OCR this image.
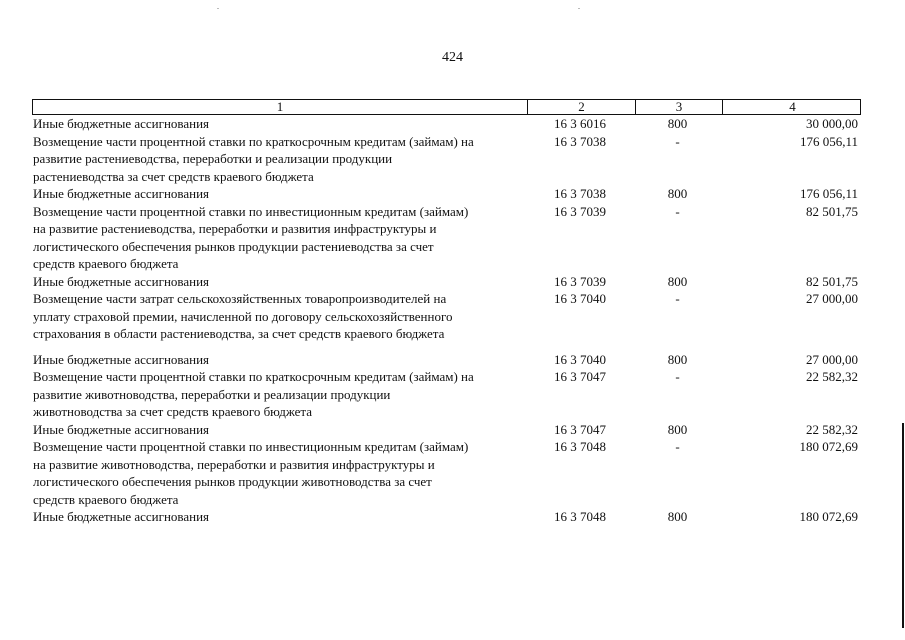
424
1	2	3	4
Иные бюджетные ассигнования	16 3 6016	800	30 000,00
Возмещение части процентной ставки по краткосрочным кредитам (займам) на
развитие растениеводства, переработки и реализации продукции
растениеводства за счет средств краевого бюджета
16 3 7038	-	176 056,11
Иные бюджетные ассигнования	16 3 7038	800	176 056,11
Возмещение части процентной ставки по инвестиционным кредитам (займам)
на развитие растениеводства, переработки и развития инфраструктуры и
логистического обеспечения рынков продукции растениеводства за счет
средств краевого бюджета
16 3 7039	-	82 501,75
Иные бюджетные ассигнования	16 3 7039	800	82 501,75
Возмещение части затрат сельскохозяйственных товаропроизводителей на
уплату страховой премии, начисленной по договору сельскохозяйственного
страхования в области растениеводства, за счет средств краевого бюджета
16 3 7040	-	27 000,00
Иные бюджетные ассигнования	16 3 7040	800	27 000,00
Возмещение части процентной ставки по краткосрочным кредитам (займам) на
развитие животноводства, переработки и реализации продукции
животноводства за счет средств краевого бюджета
16 3 7047	-	22 582,32
Иные бюджетные ассигнования	16 3 7047	800	22 582,32
Возмещение части процентной ставки по инвестиционным кредитам (займам)
на развитие животноводства, переработки и развития инфраструктуры и
логистического обеспечения рынков продукции животноводства за счет
средств краевого бюджета
16 3 7048	-	180 072,69
Иные бюджетные ассигнования	16 3 7048	800	180 072,69
